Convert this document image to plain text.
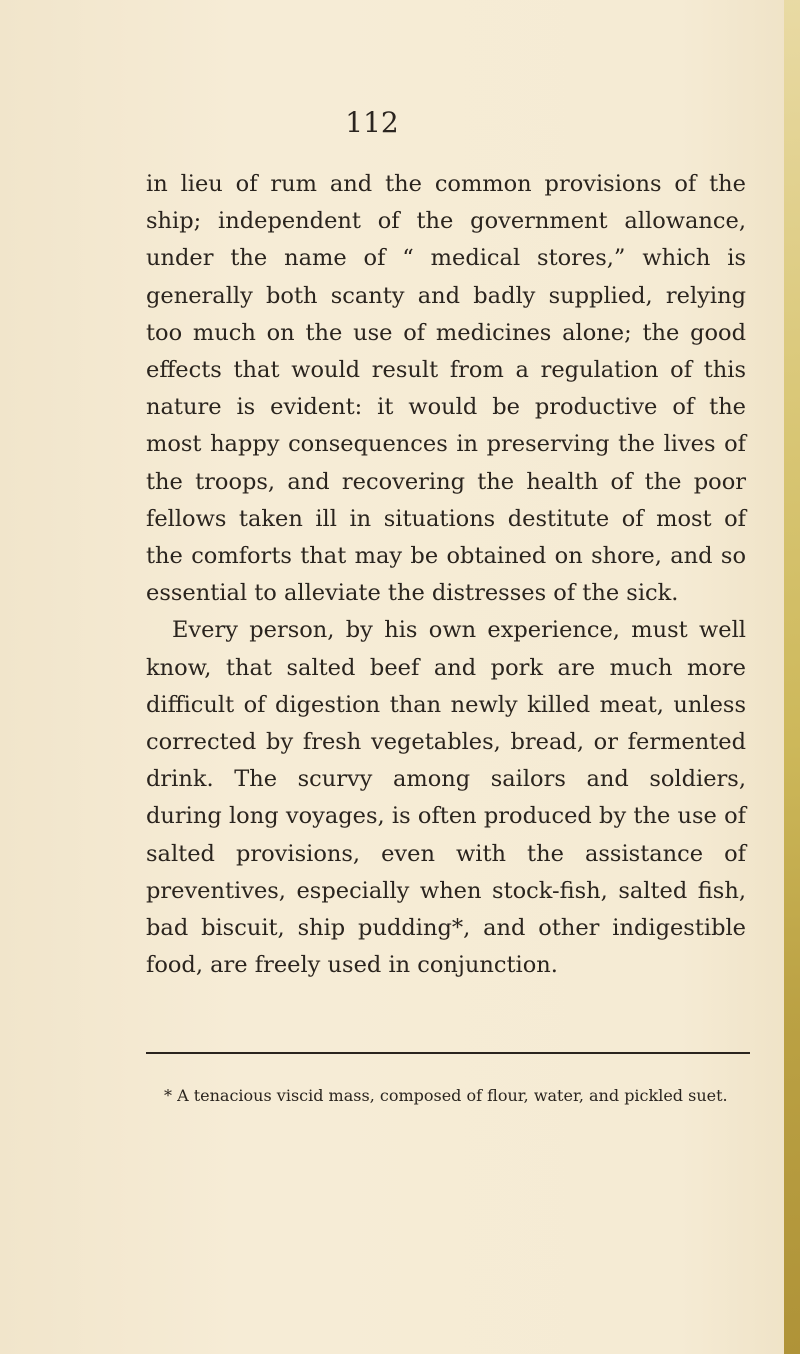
112

in lieu of rum and the common provisions of the ship; independent of the government allowance, under the name of “ medical stores,” which is generally both scanty and badly supplied, relying too much on the use of medicines alone; the good effects that would result from a regulation of this nature is evident: it would be productive of the most happy consequences in preserving the lives of the troops, and recovering the health of the poor fellows taken ill in situations destitute of most of the comforts that may be obtained on shore, and so essential to alleviate the distresses of the sick.

Every person, by his own experience, must well know, that salted beef and pork are much more difficult of digestion than newly killed meat, unless corrected by fresh vegetables, bread, or fermented drink. The scurvy among sailors and soldiers, during long voyages, is often produced by the use of salted provisions, even with the assistance of preventives, especially when stock-fish, salted fish, bad biscuit, ship pudding*, and other indigestible food, are freely used in conjunction.

* A tenacious viscid mass, composed of flour, water, and pickled suet.
